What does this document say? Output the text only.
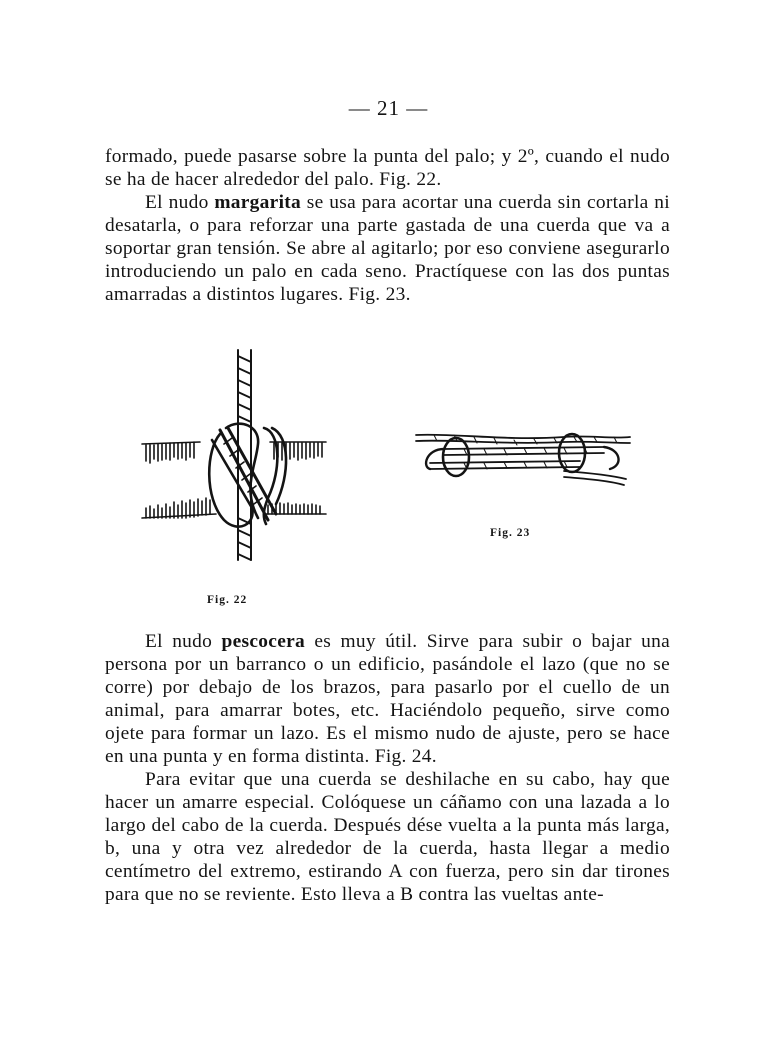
— 21 —

formado, puede pasarse sobre la punta del palo; y 2º, cuando el nudo se ha de hacer alrededor del palo. Fig. 22.

El nudo margarita se usa para acortar una cuerda sin cortarla ni desatarla, o para reforzar una parte gastada de una cuerda que va a soportar gran tensión. Se abre al agitarlo; por eso conviene asegurarlo introduciendo un palo en cada seno. Practíquese con las dos puntas amarradas a distintos lugares. Fig. 23.

Fig. 22
Fig. 23

El nudo pescocera es muy útil. Sirve para subir o bajar una persona por un barranco o un edificio, pasándole el lazo (que no se corre) por debajo de los brazos, para pasarlo por el cuello de un animal, para amarrar botes, etc. Haciéndolo pequeño, sirve como ojete para formar un lazo. Es el mismo nudo de ajuste, pero se hace en una punta y en forma distinta. Fig. 24.

Para evitar que una cuerda se deshilache en su cabo, hay que hacer un amarre especial. Colóquese un cáñamo con una lazada a lo largo del cabo de la cuerda. Después dése vuelta a la punta más larga, b, una y otra vez alrededor de la cuerda, hasta llegar a medio centímetro del extremo, estirando A con fuerza, pero sin dar tirones para que no se reviente. Esto lleva a B contra las vueltas ante-
